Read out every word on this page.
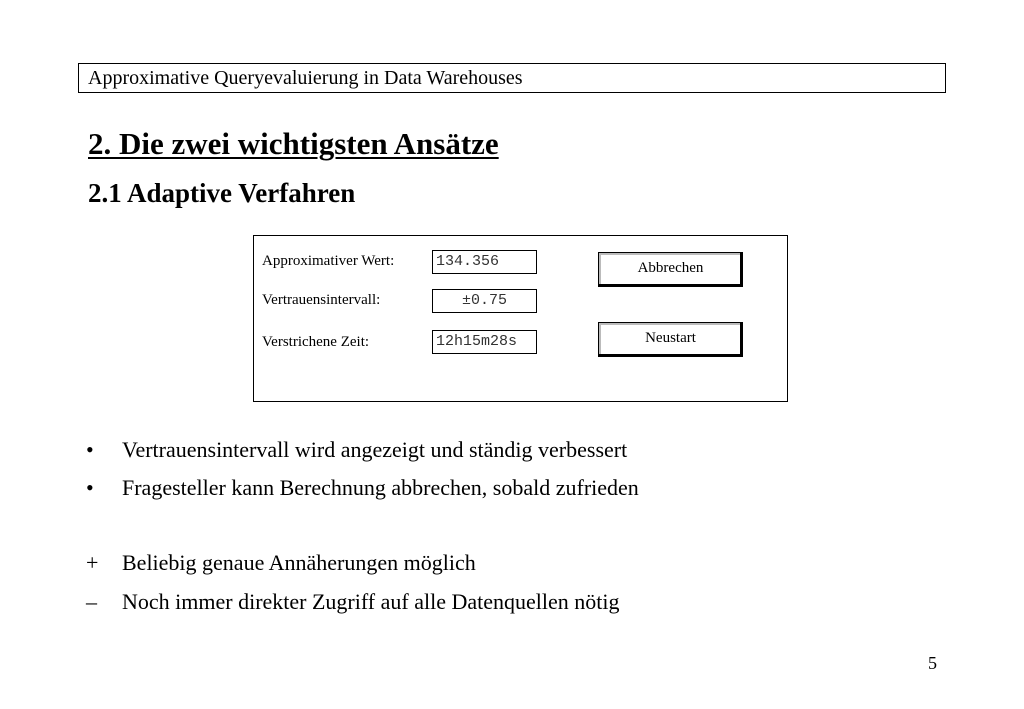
Approximative Queryevaluierung in Data Warehouses
2. Die zwei wichtigsten Ansätze
2.1 Adaptive Verfahren
Approximativer Wert:	134.356
Vertrauensintervall:	±0.75
Verstrichene Zeit:	12h15m28s
Abbrechen
Neustart
•	Vertrauensintervall wird angezeigt und ständig verbessert
•	Fragesteller kann Berechnung abbrechen, sobald zufrieden
+	Beliebig genaue Annäherungen möglich
–	Noch immer direkter Zugriff auf alle Datenquellen nötig
5
